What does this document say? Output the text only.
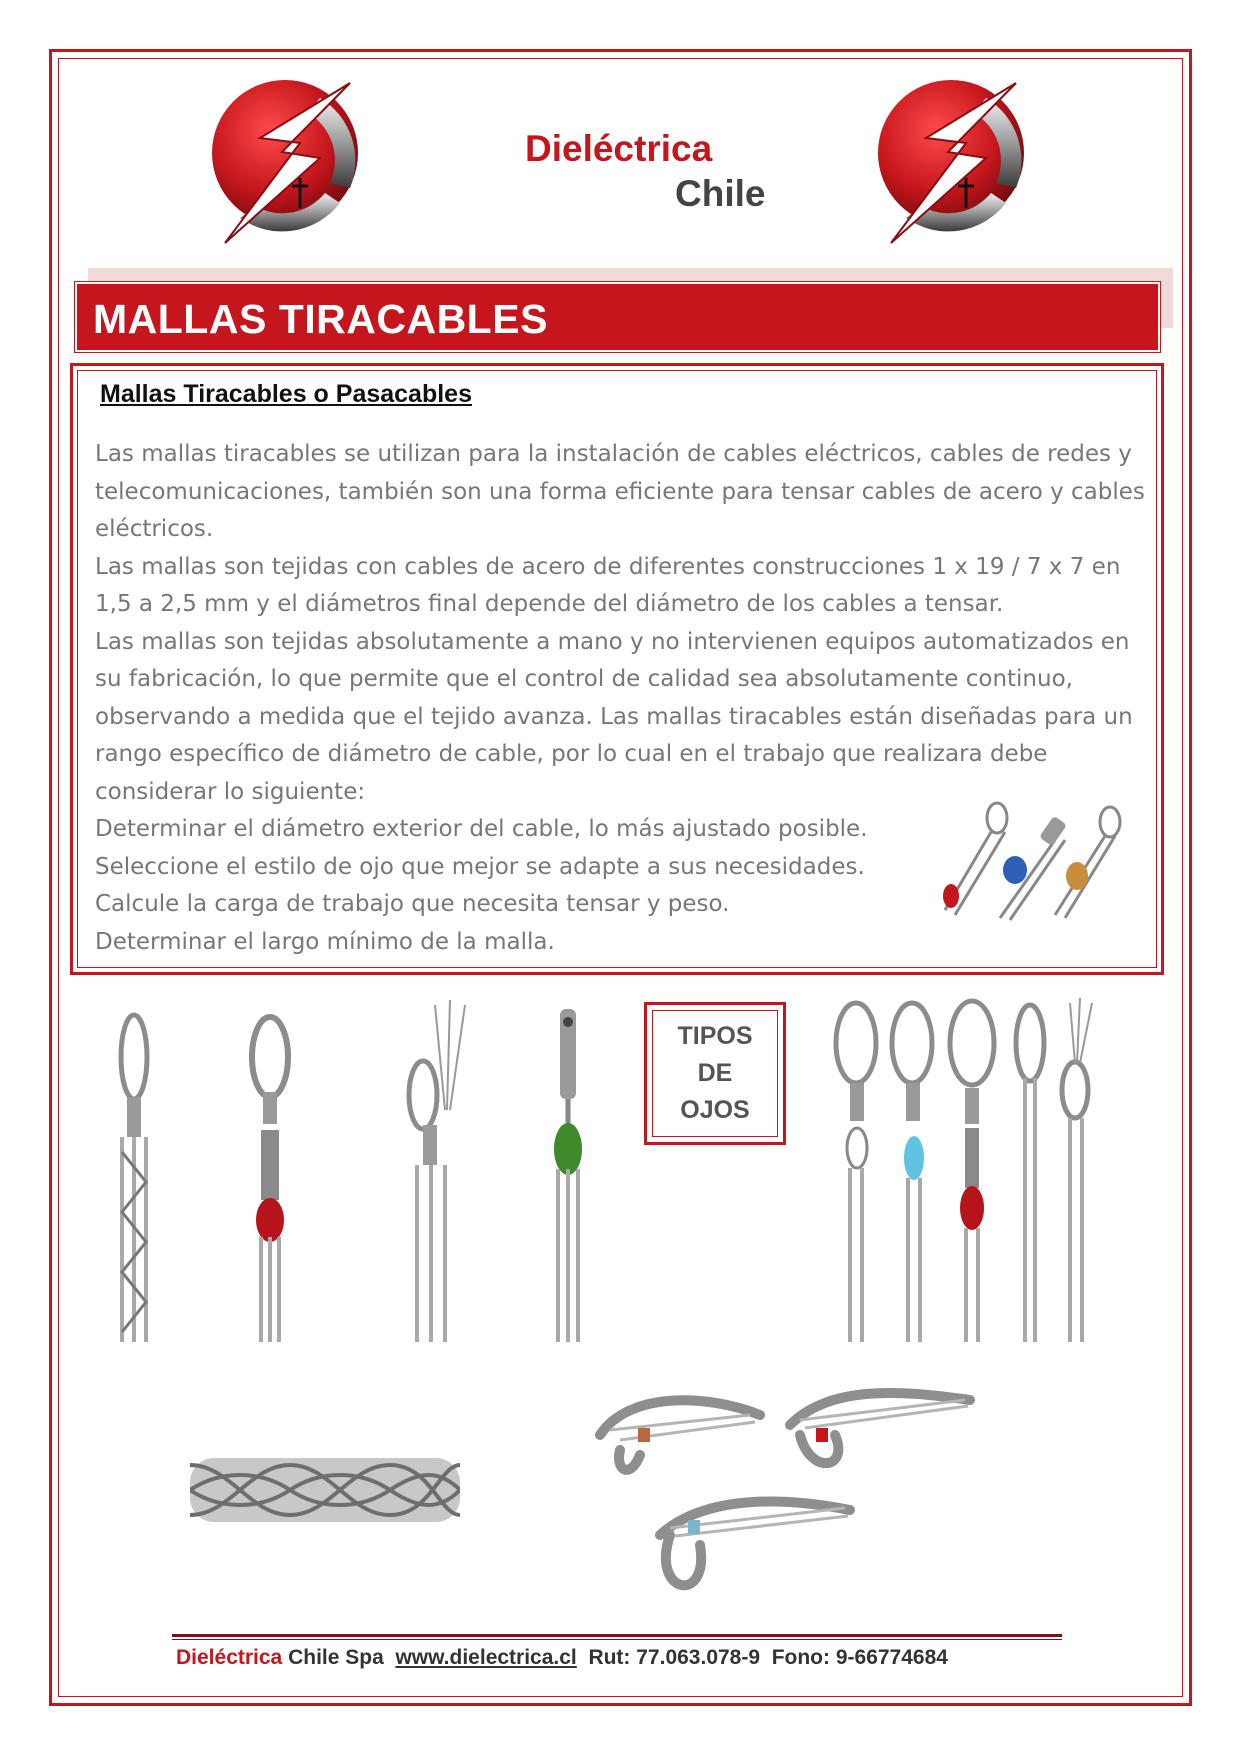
Dieléctrica
Chile
MALLAS TIRACABLES
Mallas Tiracables o Pasacables

Las mallas tiracables se utilizan para la instalación de cables eléctricos, cables de redes y telecomunicaciones, también son una forma eficiente para tensar cables de acero y cables eléctricos.

Las mallas son tejidas con cables de acero de diferentes construcciones 1 x 19 / 7 x 7 en 1,5 a 2,5 mm y el diámetros final depende del diámetro de los cables a tensar.

Las mallas son tejidas absolutamente a mano y no intervienen equipos automatizados en su fabricación, lo que permite que el control de calidad sea absolutamente continuo, observando a medida que el tejido avanza. Las mallas tiracables están diseñadas para un rango específico de diámetro de cable, por lo cual en el trabajo que realizara debe considerar lo siguiente:

Determinar el diámetro exterior del cable, lo más ajustado posible.

Seleccione el estilo de ojo que mejor se adapte a sus necesidades.

Calcule la carga de trabajo que necesita tensar y peso.

Determinar el largo mínimo de la malla.

TIPOS
DE
OJOS
Dieléctrica Chile Spa www.dielectrica.cl Rut: 77.063.078-9 Fono: 9-66774684
